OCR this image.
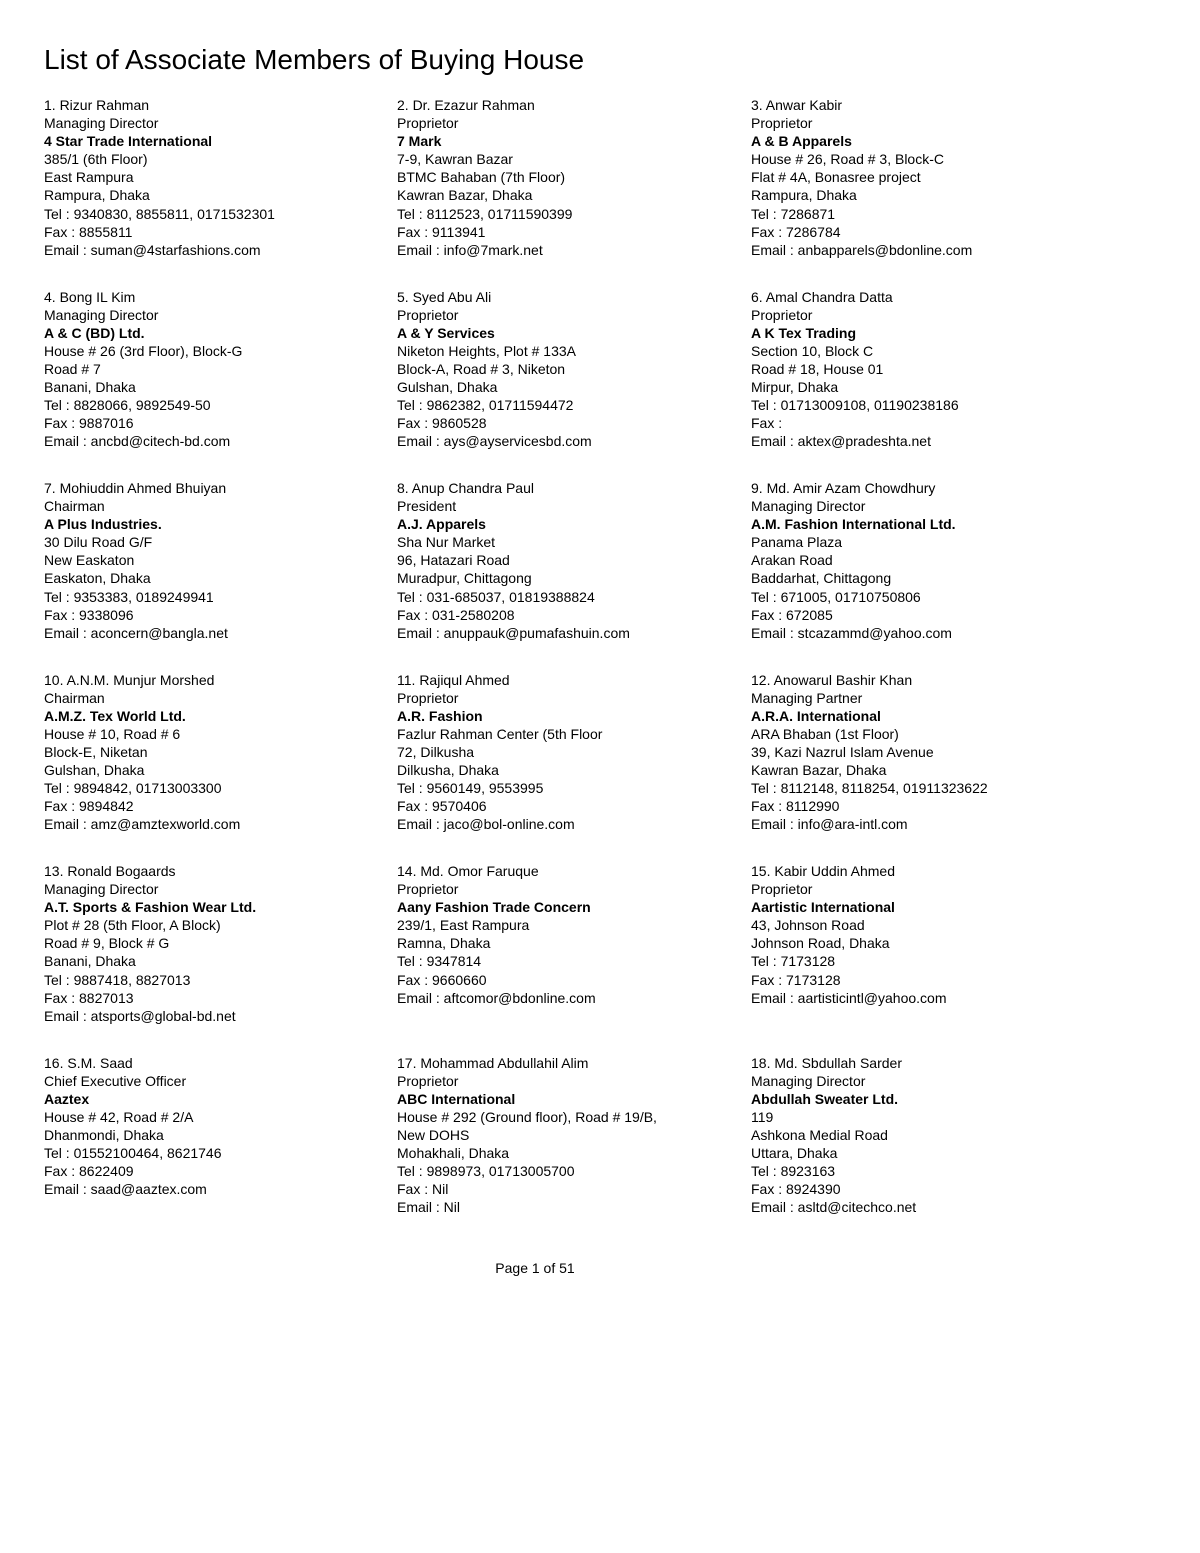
List of Associate Members of Buying House
1. Rizur Rahman
Managing Director
4 Star Trade International
385/1 (6th Floor)
East Rampura
Rampura, Dhaka
Tel : 9340830, 8855811, 0171532301
Fax : 8855811
Email : suman@4starfashions.com
2. Dr. Ezazur Rahman
Proprietor
7 Mark
7-9, Kawran Bazar
BTMC Bahaban (7th Floor)
Kawran Bazar, Dhaka
Tel : 8112523, 01711590399
Fax : 9113941
Email : info@7mark.net
3. Anwar Kabir
Proprietor
A & B Apparels
House # 26, Road # 3, Block-C
Flat # 4A, Bonasree project
Rampura, Dhaka
Tel : 7286871
Fax : 7286784
Email : anbapparels@bdonline.com
4. Bong IL Kim
Managing Director
A & C (BD) Ltd.
House # 26 (3rd Floor), Block-G
Road # 7
Banani, Dhaka
Tel : 8828066, 9892549-50
Fax : 9887016
Email : ancbd@citech-bd.com
5. Syed Abu Ali
Proprietor
A & Y Services
Niketon Heights, Plot # 133A
Block-A, Road # 3, Niketon
Gulshan, Dhaka
Tel : 9862382, 01711594472
Fax : 9860528
Email : ays@ayservicesbd.com
6. Amal Chandra Datta
Proprietor
A K Tex Trading
Section 10, Block C
Road # 18, House 01
Mirpur, Dhaka
Tel : 01713009108, 01190238186
Fax :
Email : aktex@pradeshta.net
7. Mohiuddin Ahmed Bhuiyan
Chairman
A Plus Industries.
30 Dilu Road G/F
New Easkaton
Easkaton, Dhaka
Tel : 9353383, 0189249941
Fax : 9338096
Email : aconcern@bangla.net
8. Anup Chandra Paul
President
A.J. Apparels
Sha Nur Market
96, Hatazari Road
Muradpur, Chittagong
Tel : 031-685037, 01819388824
Fax : 031-2580208
Email : anuppauk@pumafashuin.com
9. Md. Amir Azam Chowdhury
Managing Director
A.M. Fashion International Ltd.
Panama Plaza
Arakan Road
Baddarhat, Chittagong
Tel : 671005, 01710750806
Fax : 672085
Email : stcazammd@yahoo.com
10. A.N.M. Munjur Morshed
Chairman
A.M.Z. Tex World Ltd.
House # 10, Road # 6
Block-E, Niketan
Gulshan, Dhaka
Tel : 9894842, 01713003300
Fax : 9894842
Email : amz@amztexworld.com
11. Rajiqul Ahmed
Proprietor
A.R. Fashion
Fazlur Rahman Center (5th Floor
72, Dilkusha
Dilkusha, Dhaka
Tel : 9560149, 9553995
Fax : 9570406
Email : jaco@bol-online.com
12. Anowarul Bashir Khan
Managing Partner
A.R.A. International
ARA Bhaban (1st Floor)
39, Kazi Nazrul Islam Avenue
Kawran Bazar, Dhaka
Tel : 8112148, 8118254, 01911323622
Fax : 8112990
Email : info@ara-intl.com
13. Ronald Bogaards
Managing Director
A.T. Sports & Fashion Wear Ltd.
Plot # 28 (5th Floor, A Block)
Road # 9, Block # G
Banani, Dhaka
Tel : 9887418, 8827013
Fax : 8827013
Email : atsports@global-bd.net
14. Md. Omor Faruque
Proprietor
Aany Fashion Trade Concern
239/1, East Rampura
Ramna, Dhaka
Tel : 9347814
Fax : 9660660
Email : aftcomor@bdonline.com
15. Kabir Uddin Ahmed
Proprietor
Aartistic International
43, Johnson Road
Johnson Road, Dhaka
Tel : 7173128
Fax : 7173128
Email : aartisticintl@yahoo.com
16. S.M. Saad
Chief Executive Officer
Aaztex
House # 42, Road # 2/A
Dhanmondi, Dhaka
Tel : 01552100464, 8621746
Fax : 8622409
Email : saad@aaztex.com
17. Mohammad Abdullahil Alim
Proprietor
ABC International
House # 292 (Ground floor), Road # 19/B,
New DOHS
Mohakhali, Dhaka
Tel : 9898973, 01713005700
Fax : Nil
Email : Nil
18. Md. Sbdullah Sarder
Managing Director
Abdullah Sweater Ltd.
119
Ashkona Medial Road
Uttara, Dhaka
Tel : 8923163
Fax : 8924390
Email : asltd@citechco.net
Page 1 of 51
